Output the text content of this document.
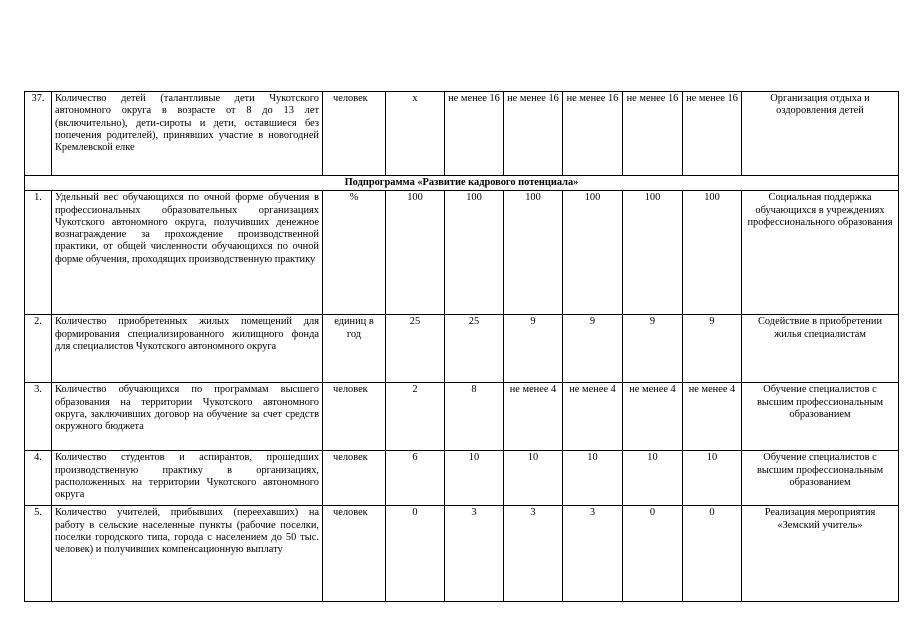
37.	Количество детей (талантливые дети Чукотского автономного округа в возрасте от 8 до 13 лет (включительно), дети-сироты и дети, оставшиеся без попечения родителей), принявших участие в новогодней Кремлевской елке	человек	х	не менее 16	не менее 16	не менее 16	не менее 16	не менее 16	Организация отдыха и оздоровления детей
Подпрограмма «Развитие кадрового потенциала»									
1.	Удельный вес обучающихся по очной форме обучения в профессиональных образовательных организациях Чукотского автономного округа, получивших денежное вознаграждение за прохождение производственной практики, от общей численности обучающихся по очной форме обучения, проходящих производственную практику	%	100	100	100	100	100	100	Социальная поддержка обучающихся в учреждениях профессионального образования
2.	Количество приобретенных жилых помещений для формирования специализированного жилищного фонда для специалистов Чукотского автономного округа	единиц в год	25	25	9	9	9	9	Содействие в приобретении жилья специалистам
3.	Количество обучающихся по программам высшего образования на территории Чукотского автономного округа, заключивших договор на обучение за счет средств окружного бюджета	человек	2	8	не менее 4	не менее 4	не менее 4	не менее 4	Обучение специалистов с высшим профессиональным образованием
4.	Количество студентов и аспирантов, прошедших производственную практику в организациях, расположенных на территории Чукотского автономного округа	человек	6	10	10	10	10	10	Обучение специалистов с высшим профессиональным образованием
5.	Количество учителей, прибывших (переехавших) на работу в сельские населенные пункты (рабочие поселки, поселки городского типа, города с населением до 50 тыс. человек) и получивших компенсационную выплату	человек	0	3	3	3	0	0	Реализация мероприятия «Земский учитель»
